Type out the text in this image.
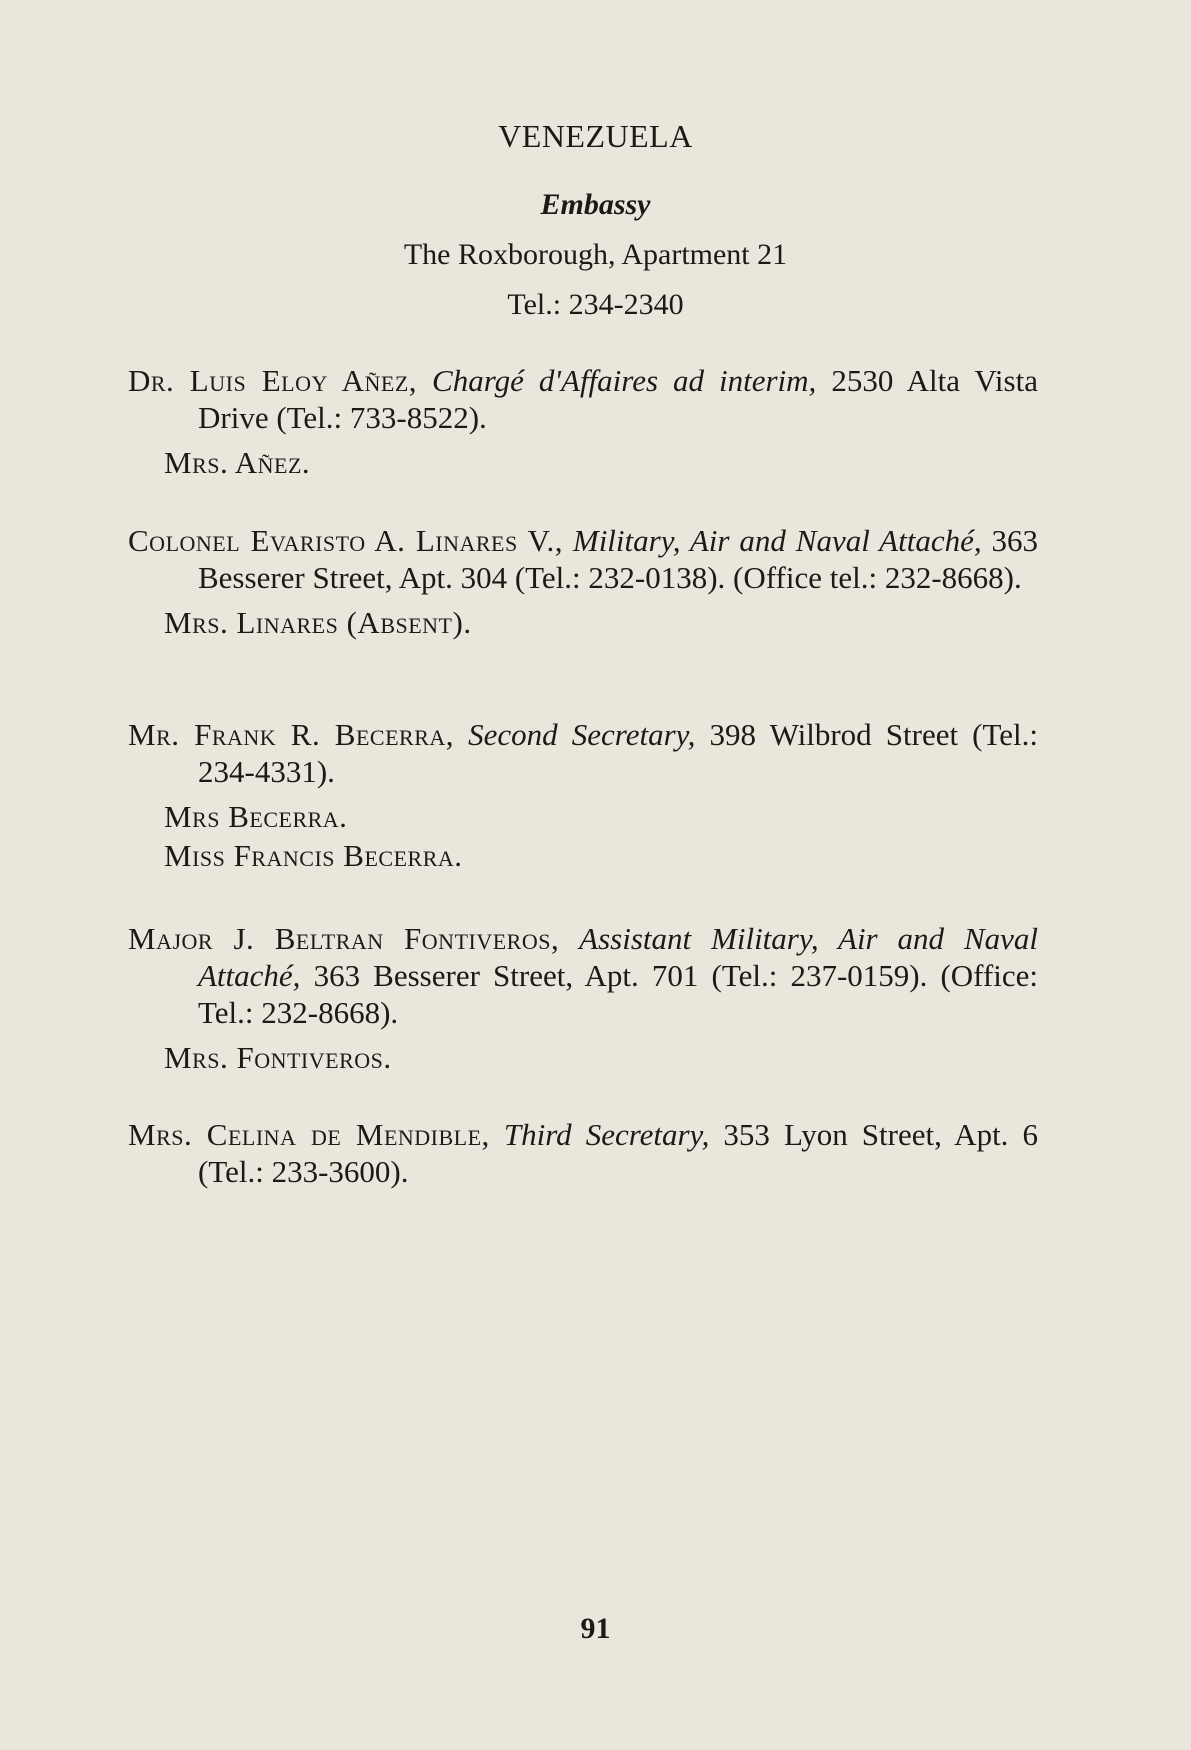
VENEZUELA
Embassy
The Roxborough, Apartment 21
Tel.: 234-2340
Dr. Luis Eloy Añez, Chargé d'Affaires ad interim, 2530 Alta Vista Drive (Tel.: 733-8522).
Mrs. Añez.
Colonel Evaristo A. Linares V., Military, Air and Naval Attaché, 363 Besserer Street, Apt. 304 (Tel.: 232-0138). (Office tel.: 232-8668).
Mrs. Linares (Absent).
Mr. Frank R. Becerra, Second Secretary, 398 Wilbrod Street (Tel.: 234-4331).
Mrs Becerra.
Miss Francis Becerra.
Major J. Beltran Fontiveros, Assistant Military, Air and Naval Attaché, 363 Besserer Street, Apt. 701 (Tel.: 237-0159). (Office: Tel.: 232-8668).
Mrs. Fontiveros.
Mrs. Celina de Mendible, Third Secretary, 353 Lyon Street, Apt. 6 (Tel.: 233-3600).
91
